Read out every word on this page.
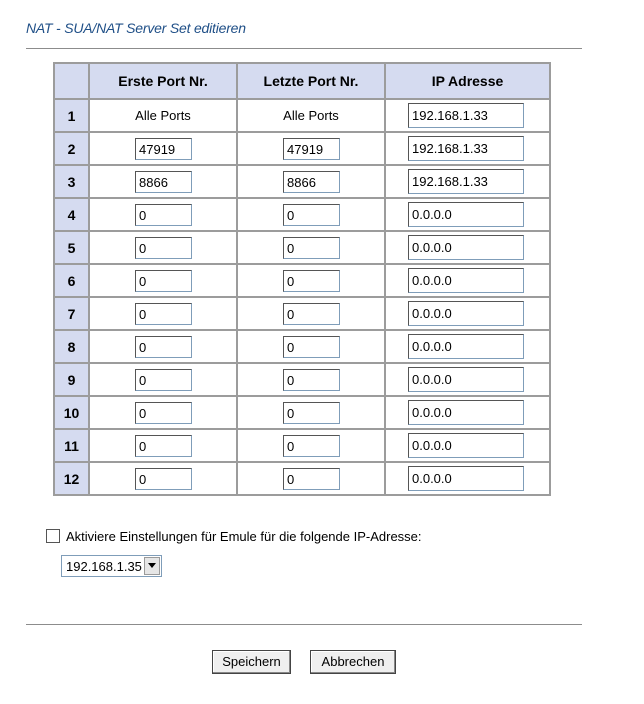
NAT - SUA/NAT Server Set editieren
	Erste Port Nr.	Letzte Port Nr.	IP Adresse
1	Alle Ports	Alle Ports	192.168.1.33
2	47919	47919	192.168.1.33
3	8866	8866	192.168.1.33
4	0	0	0.0.0.0
5	0	0	0.0.0.0
6	0	0	0.0.0.0
7	0	0	0.0.0.0
8	0	0	0.0.0.0
9	0	0	0.0.0.0
10	0	0	0.0.0.0
11	0	0	0.0.0.0
12	0	0	0.0.0.0
Aktiviere Einstellungen für Emule für die folgende IP-Adresse:
192.168.1.35
Speichern	Abbrechen
